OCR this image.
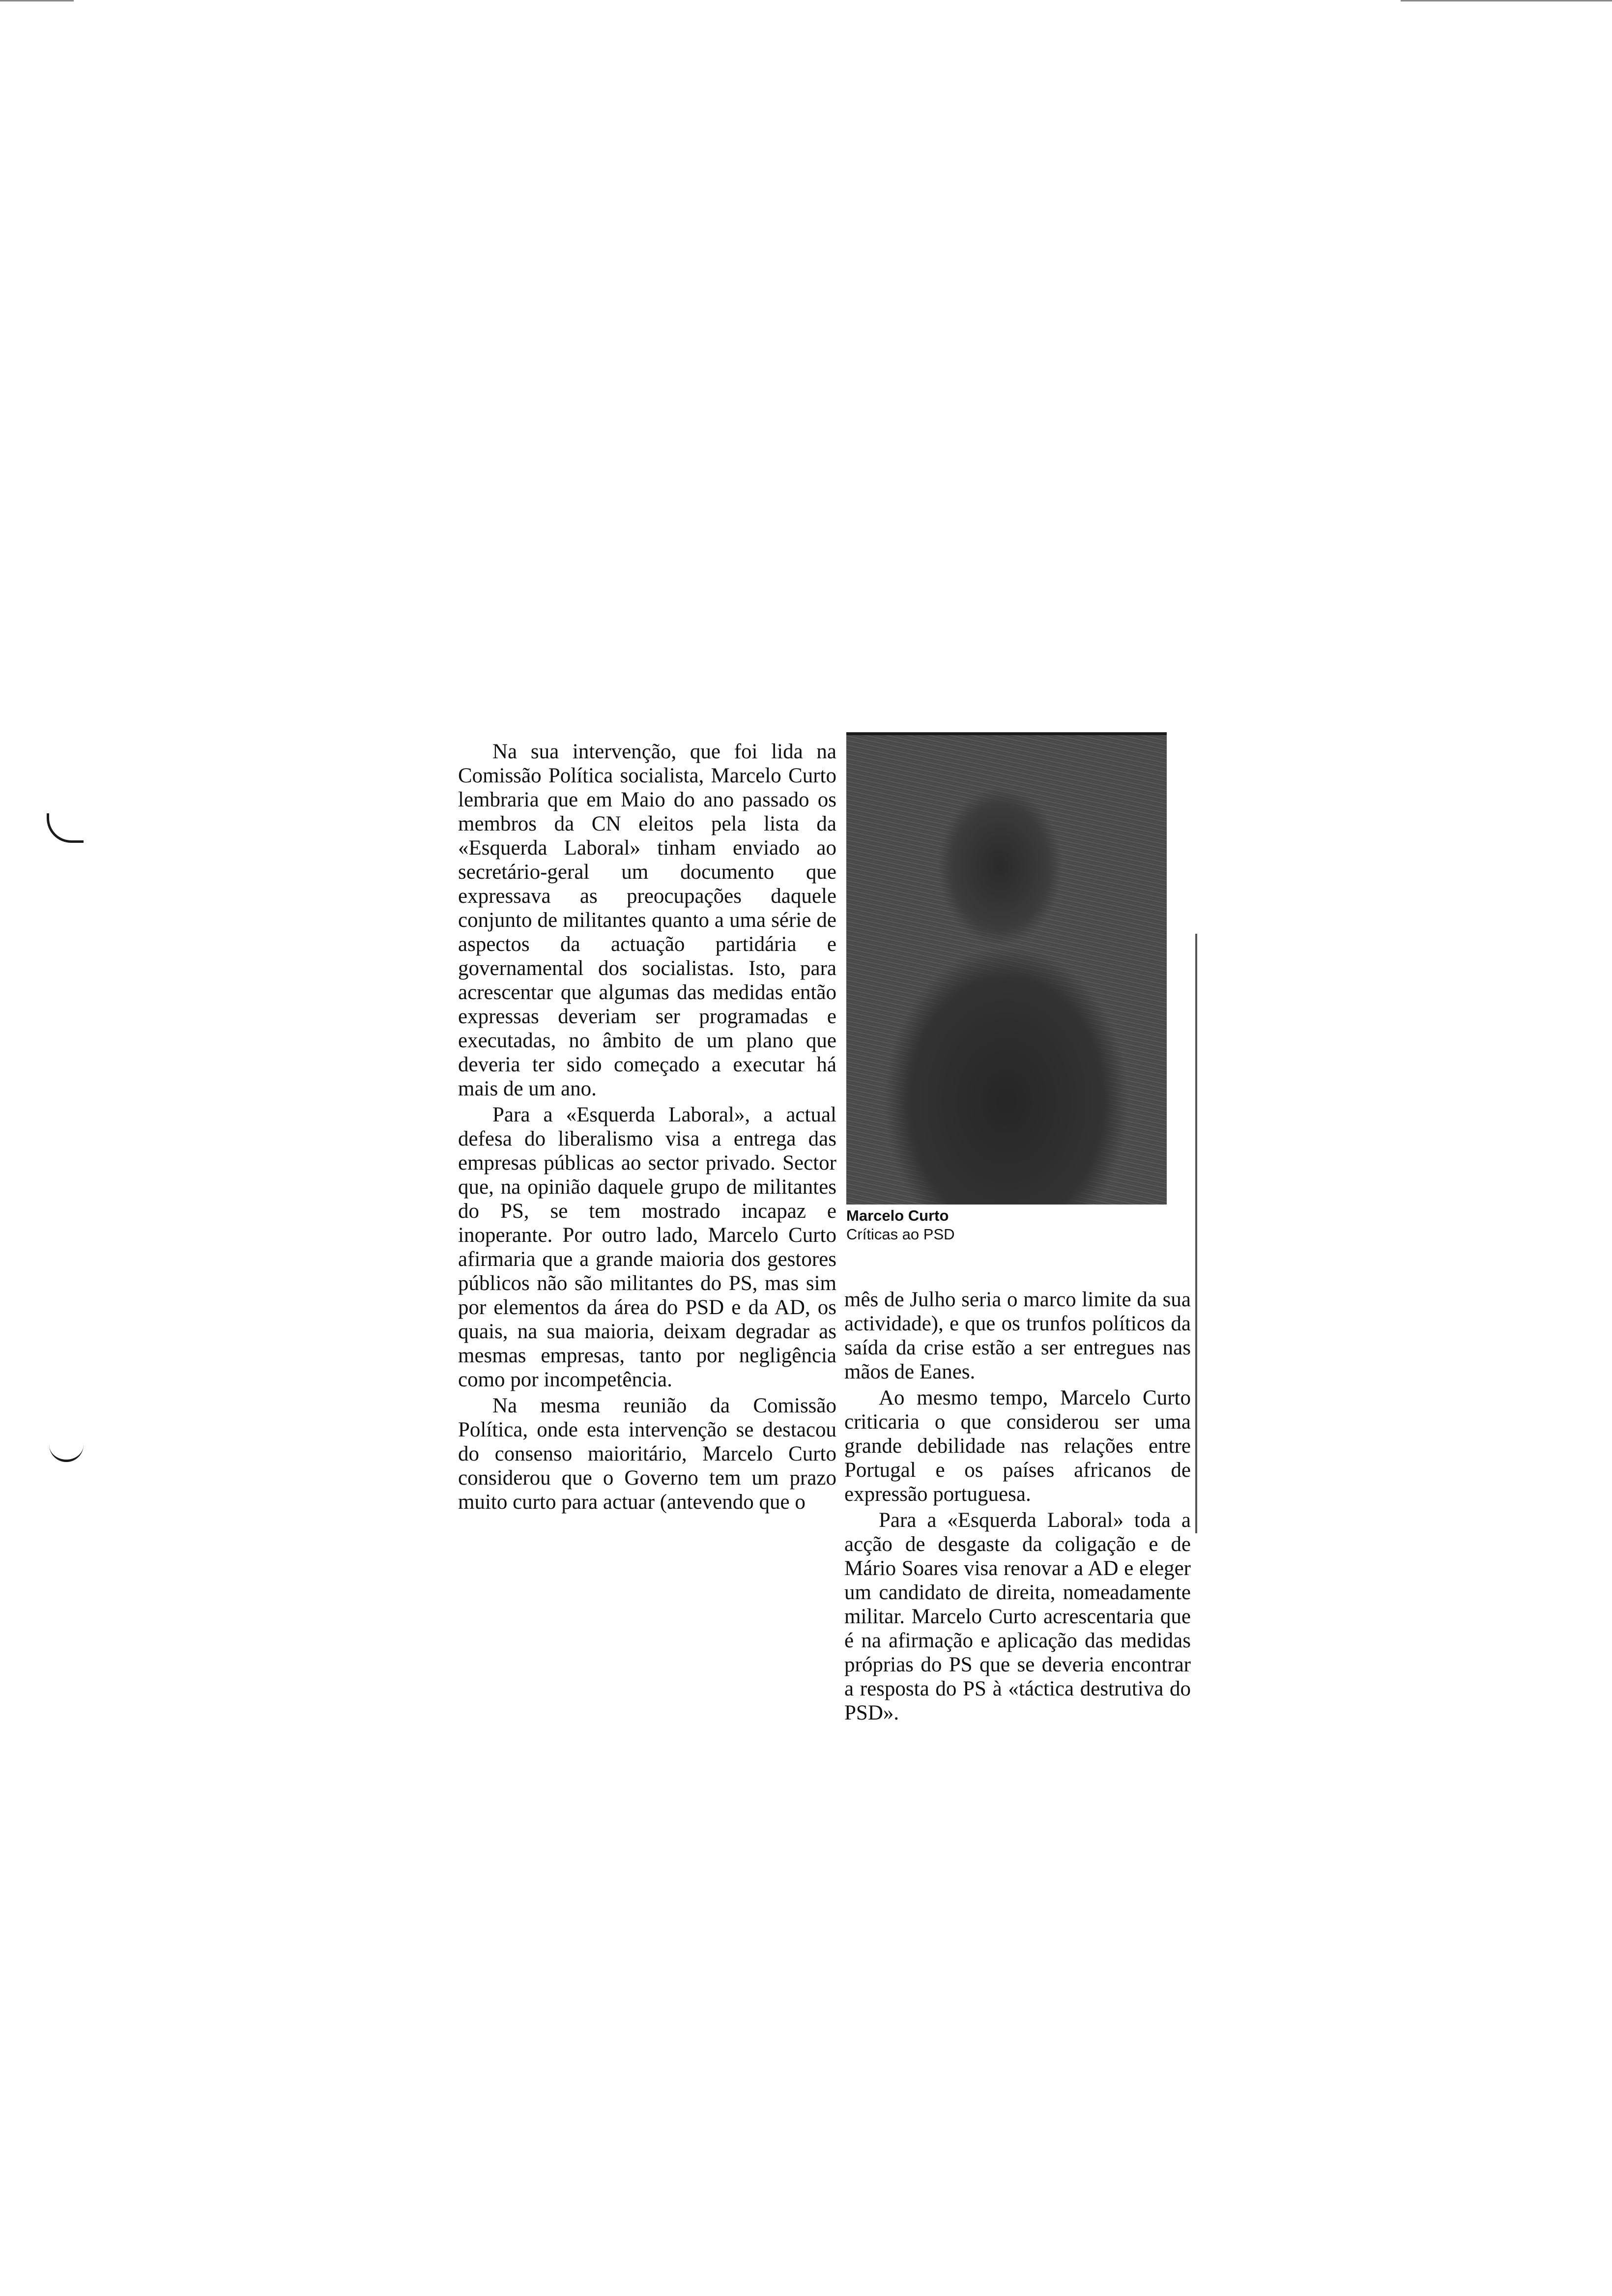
Na sua intervenção, que foi lida na Comissão Política socialista, Marcelo Curto lembraria que em Maio do ano passado os membros da CN eleitos pela lista da «Esquerda Laboral» tinham enviado ao secretário-geral um documento que expressava as preocupações daquele conjunto de militantes quanto a uma série de aspectos da actuação partidária e governamental dos socialistas. Isto, para acrescentar que algumas das medidas então expressas deveriam ser programadas e executadas, no âmbito de um plano que deveria ter sido começado a executar há mais de um ano.

Para a «Esquerda Laboral», a actual defesa do liberalismo visa a entrega das empresas públicas ao sector privado. Sector que, na opinião daquele grupo de militantes do PS, se tem mostrado incapaz e inoperante. Por outro lado, Marcelo Curto afirmaria que a grande maioria dos gestores públicos não são militantes do PS, mas sim por elementos da área do PSD e da AD, os quais, na sua maioria, deixam degradar as mesmas empresas, tanto por negligência como por incompetência.

Na mesma reunião da Comissão Política, onde esta intervenção se destacou do consenso maioritário, Marcelo Curto considerou que o Governo tem um prazo muito curto para actuar (antevendo que o

Marcelo Curto
Críticas ao PSD

mês de Julho seria o marco limite da sua actividade), e que os trunfos políticos da saída da crise estão a ser entregues nas mãos de Eanes.

Ao mesmo tempo, Marcelo Curto criticaria o que considerou ser uma grande debilidade nas relações entre Portugal e os países africanos de expressão portuguesa.

Para a «Esquerda Laboral» toda a acção de desgaste da coligação e de Mário Soares visa renovar a AD e eleger um candidato de direita, nomeadamente militar. Marcelo Curto acrescentaria que é na afirmação e aplicação das medidas próprias do PS que se deveria encontrar a resposta do PS à «táctica destrutiva do PSD».
